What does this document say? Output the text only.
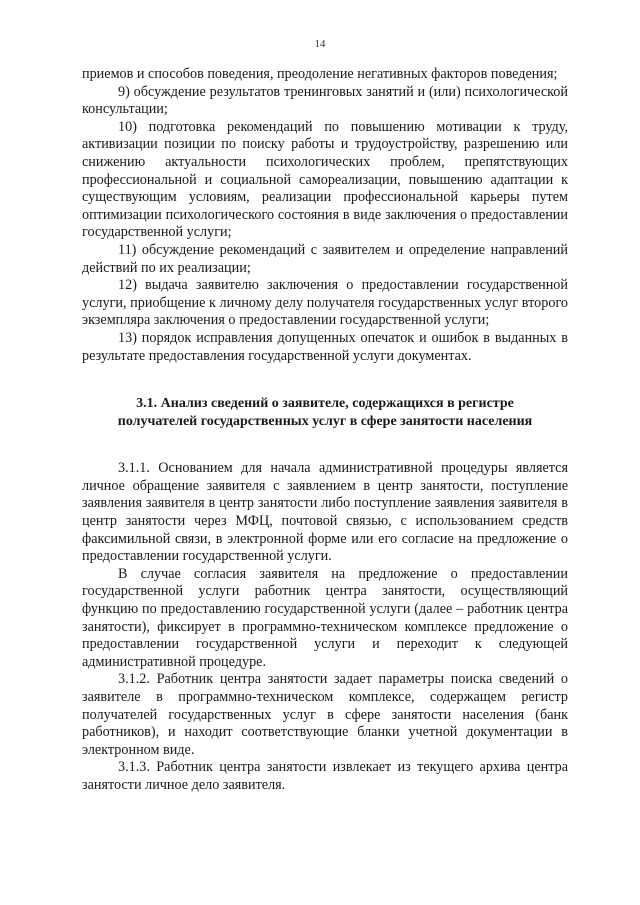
14

приемов и способов поведения, преодоление негативных факторов поведения;

9) обсуждение результатов тренинговых занятий и (или) психологической консультации;

10) подготовка рекомендаций по повышению мотивации к труду, активизации позиции по поиску работы и трудоустройству, разрешению или снижению актуальности психологических проблем, препятствующих профессиональной и социальной самореализации, повышению адаптации к существующим условиям, реализации профессиональной карьеры путем оптимизации психологического состояния в виде заключения о предоставлении государственной услуги;

11) обсуждение рекомендаций с заявителем и определение направлений действий по их реализации;

12) выдача заявителю заключения о предоставлении государственной услуги, приобщение к личному делу получателя государственных услуг второго экземпляра заключения о предоставлении государственной услуги;

13) порядок исправления допущенных опечаток и ошибок в выданных в результате предоставления государственной услуги документах.

3.1. Анализ сведений о заявителе, содержащихся в регистре
получателей государственных услуг в сфере занятости населения

3.1.1. Основанием для начала административной процедуры является личное обращение заявителя с заявлением в центр занятости, поступление заявления заявителя в центр занятости либо поступление заявления заявителя в центр занятости через МФЦ, почтовой связью, с использованием средств факсимильной связи, в электронной форме или его согласие на предложение о предоставлении государственной услуги.

В случае согласия заявителя на предложение о предоставлении государственной услуги работник центра занятости, осуществляющий функцию по предоставлению государственной услуги (далее – работник центра занятости), фиксирует в программно-техническом комплексе предложение о предоставлении государственной услуги и переходит к следующей административной процедуре.

3.1.2. Работник центра занятости задает параметры поиска сведений о заявителе в программно-техническом комплексе, содержащем регистр получателей государственных услуг в сфере занятости населения (банк работников), и находит соответствующие бланки учетной документации в электронном виде.

3.1.3. Работник центра занятости извлекает из текущего архива центра занятости личное дело заявителя.
